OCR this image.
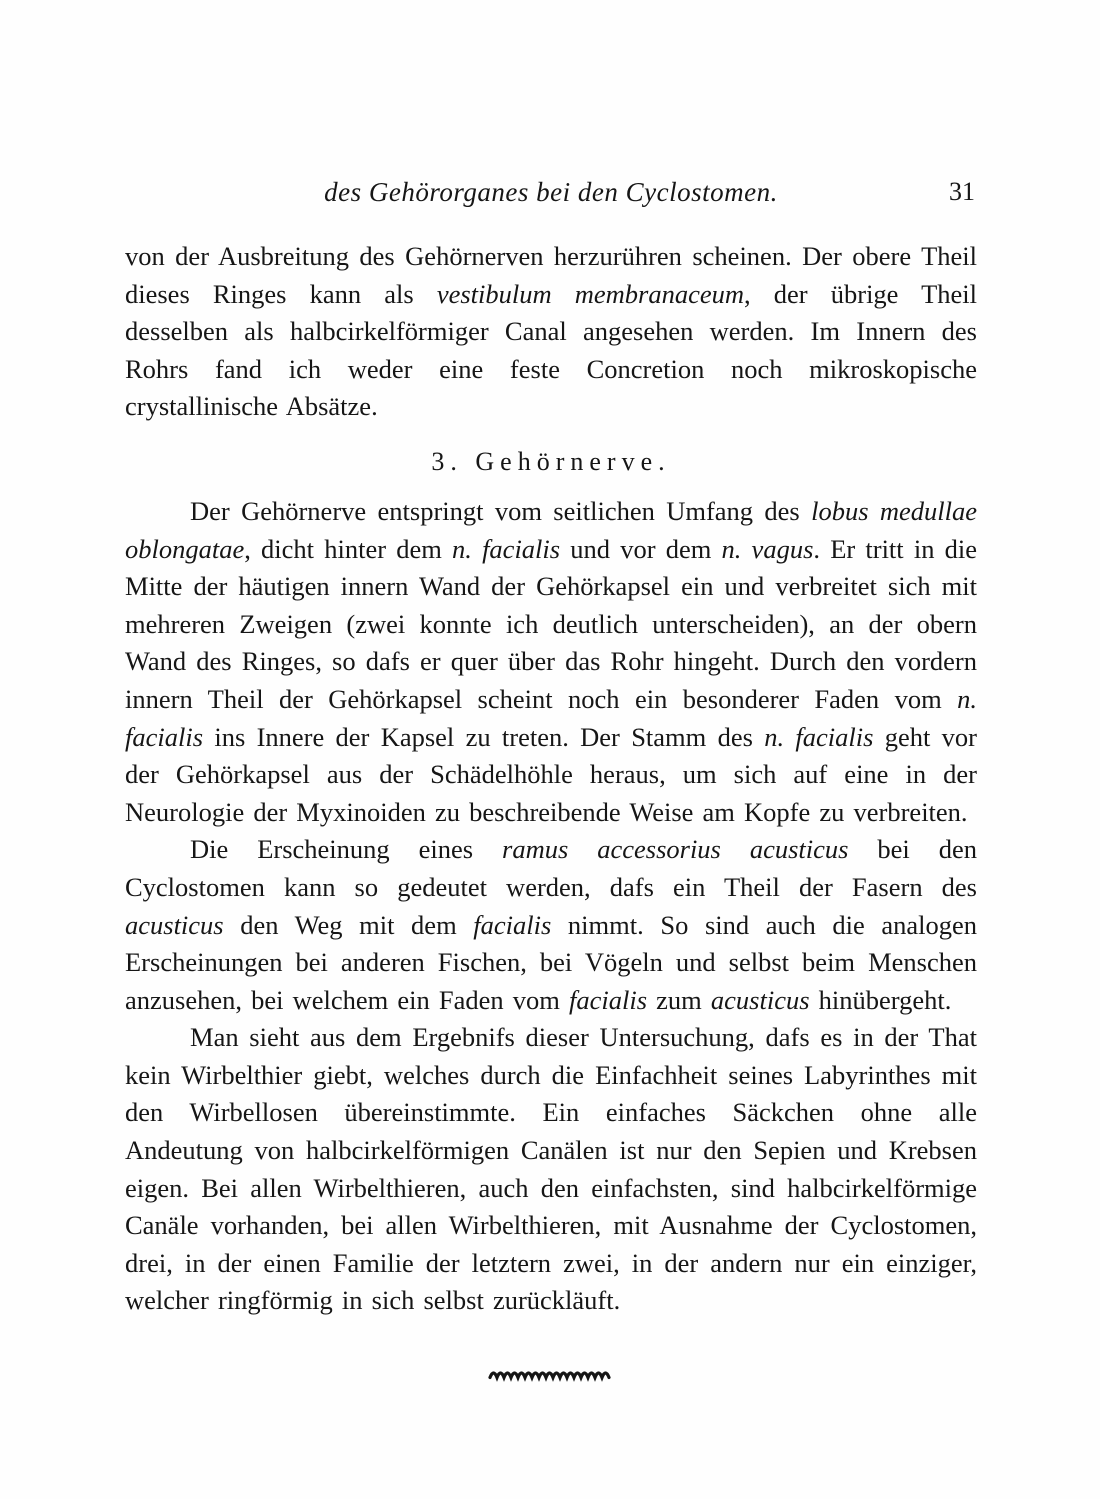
des Gehörorganes bei den Cyclostomen.	31

von der Ausbreitung des Gehörnerven herzurühren scheinen. Der obere Theil dieses Ringes kann als vestibulum membranaceum, der übrige Theil desselben als halbcirkelförmiger Canal angesehen werden. Im Innern des Rohrs fand ich weder eine feste Concretion noch mikroskopische crystallinische Absätze.

3. Gehörnerve.

Der Gehörnerve entspringt vom seitlichen Umfang des lobus medullae oblongatae, dicht hinter dem n. facialis und vor dem n. vagus. Er tritt in die Mitte der häutigen innern Wand der Gehörkapsel ein und verbreitet sich mit mehreren Zweigen (zwei konnte ich deutlich unterscheiden), an der obern Wand des Ringes, so dafs er quer über das Rohr hingeht. Durch den vordern innern Theil der Gehörkapsel scheint noch ein besonderer Faden vom n. facialis ins Innere der Kapsel zu treten. Der Stamm des n. facialis geht vor der Gehörkapsel aus der Schädelhöhle heraus, um sich auf eine in der Neurologie der Myxinoiden zu beschreibende Weise am Kopfe zu verbreiten.

Die Erscheinung eines ramus accessorius acusticus bei den Cyclostomen kann so gedeutet werden, dafs ein Theil der Fasern des acusticus den Weg mit dem facialis nimmt. So sind auch die analogen Erscheinungen bei anderen Fischen, bei Vögeln und selbst beim Menschen anzusehen, bei welchem ein Faden vom facialis zum acusticus hinübergeht.

Man sieht aus dem Ergebnifs dieser Untersuchung, dafs es in der That kein Wirbelthier giebt, welches durch die Einfachheit seines Labyrinthes mit den Wirbellosen übereinstimmte. Ein einfaches Säckchen ohne alle Andeutung von halbcirkelförmigen Canälen ist nur den Sepien und Krebsen eigen. Bei allen Wirbelthieren, auch den einfachsten, sind halbcirkelförmige Canäle vorhanden, bei allen Wirbelthieren, mit Ausnahme der Cyclostomen, drei, in der einen Familie der letztern zwei, in der andern nur ein einziger, welcher ringförmig in sich selbst zurückläuft.
